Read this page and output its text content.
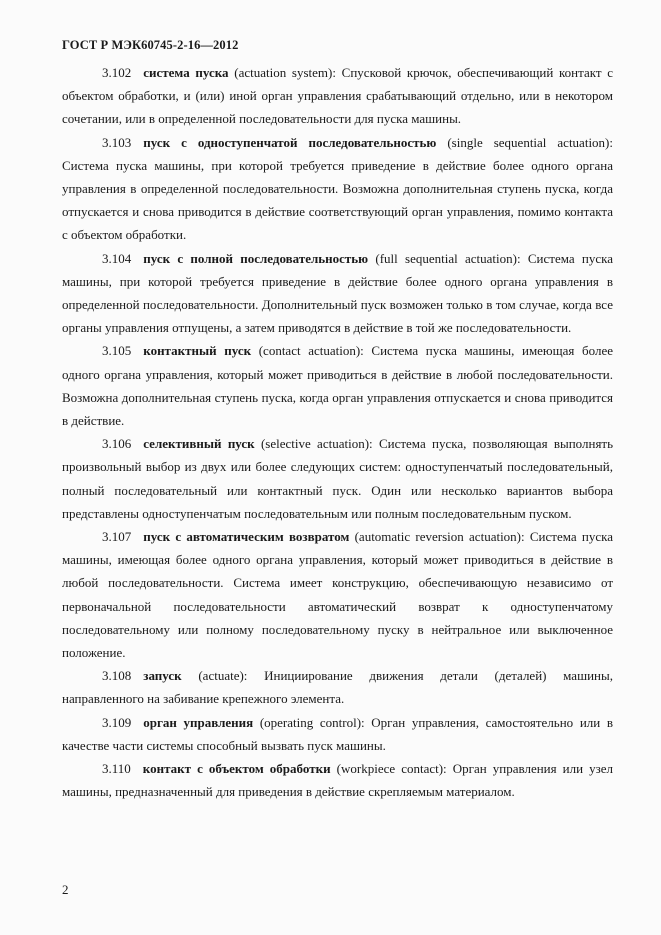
ГОСТ Р МЭК60745-2-16—2012

3.102 система пуска (actuation system): Спусковой крючок, обеспечивающий контакт с объектом обработки, и (или) иной орган управления срабатывающий отдельно, или в некотором сочетании, или в определенной последовательности для пуска машины.

3.103 пуск с одноступенчатой последовательностью (single sequential actuation): Система пуска машины, при которой требуется приведение в действие более одного органа управления в определенной последовательности. Возможна дополнительная ступень пуска, когда отпускается и снова приводится в действие соответствующий орган управления, помимо контакта с объектом обработки.

3.104 пуск с полной последовательностью (full sequential actuation): Система пуска машины, при которой требуется приведение в действие более одного органа управления в определенной последовательности. Дополнительный пуск возможен только в том случае, когда все органы управления отпущены, а затем приводятся в действие в той же последовательности.

3.105 контактный пуск (contact actuation): Система пуска машины, имеющая более одного органа управления, который может приводиться в действие в любой последовательности. Возможна дополнительная ступень пуска, когда орган управления отпускается и снова приводится в действие.

3.106 селективный пуск (selective actuation): Система пуска, позволяющая выполнять произвольный выбор из двух или более следующих систем: одноступенчатый последовательный, полный последовательный или контактный пуск. Один или несколько вариантов выбора представлены одноступенчатым последовательным или полным последовательным пуском.

3.107 пуск с автоматическим возвратом (automatic reversion actuation): Система пуска машины, имеющая более одного органа управления, который может приводиться в действие в любой последовательности. Система имеет конструкцию, обеспечивающую независимо от первоначальной последовательности автоматический возврат к одноступенчатому последовательному или полному последовательному пуску в нейтральное или выключенное положение.

3.108 запуск (actuate): Инициирование движения детали (деталей) машины, направленного на забивание крепежного элемента.

3.109 орган управления (operating control): Орган управления, самостоятельно или в качестве части системы способный вызвать пуск машины.

3.110 контакт с объектом обработки (workpiece contact): Орган управления или узел машины, предназначенный для приведения в действие скрепляемым материалом.

2
